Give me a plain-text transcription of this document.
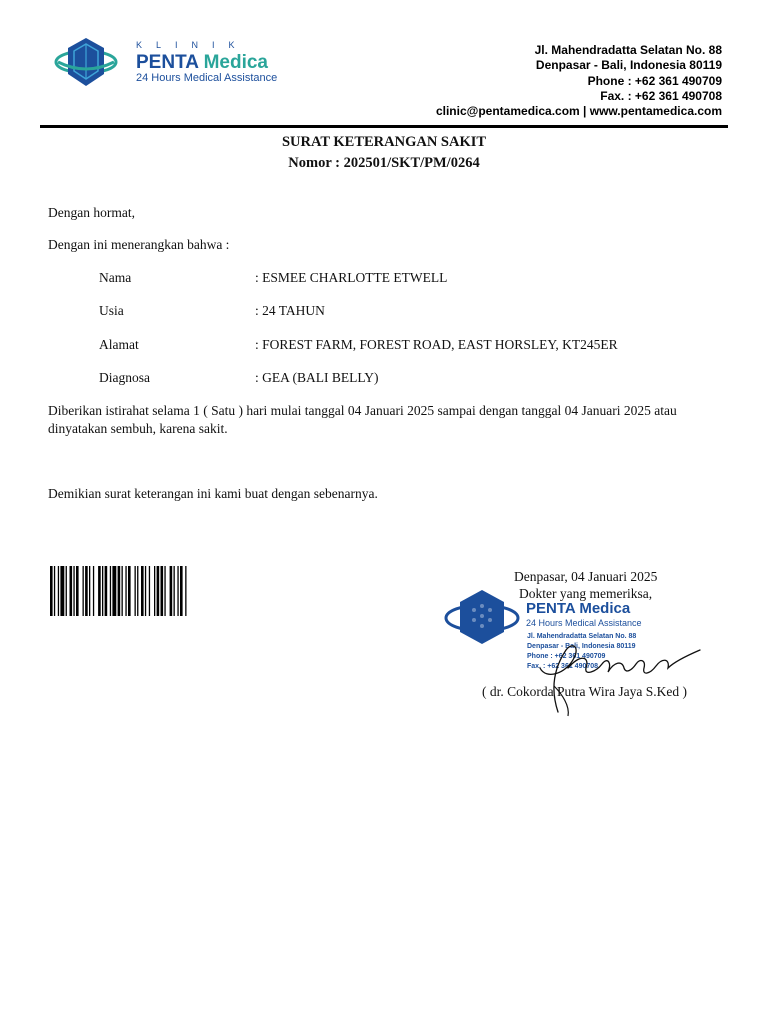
KLINIK
PENTA Medica
24 Hours Medical Assistance
Jl. Mahendradatta Selatan No. 88
Denpasar - Bali, Indonesia 80119
Phone : +62 361 490709
Fax. : +62 361 490708
clinic@pentamedica.com | www.pentamedica.com
SURAT KETERANGAN SAKIT
Nomor : 202501/SKT/PM/0264
Dengan hormat,
Dengan ini menerangkan bahwa :
Nama	: ESMEE CHARLOTTE ETWELL
Usia	: 24 TAHUN
Alamat	: FOREST FARM, FOREST ROAD, EAST HORSLEY, KT245ER
Diagnosa	: GEA (BALI BELLY)
Diberikan istirahat selama 1 ( Satu ) hari mulai tanggal 04 Januari 2025 sampai dengan tanggal 04 Januari 2025 atau dinyatakan sembuh, karena sakit.
Demikian surat keterangan ini kami buat dengan sebenarnya.
Denpasar, 04 Januari 2025
Dokter yang memeriksa,
PENTA Medica
24 Hours Medical Assistance
Jl. Mahendradatta Selatan No. 88
Denpasar - Bali, Indonesia 80119
Phone : +62 361 490709
Fax. : +62 361 490708
( dr. Cokorda Putra Wira Jaya S.Ked )
